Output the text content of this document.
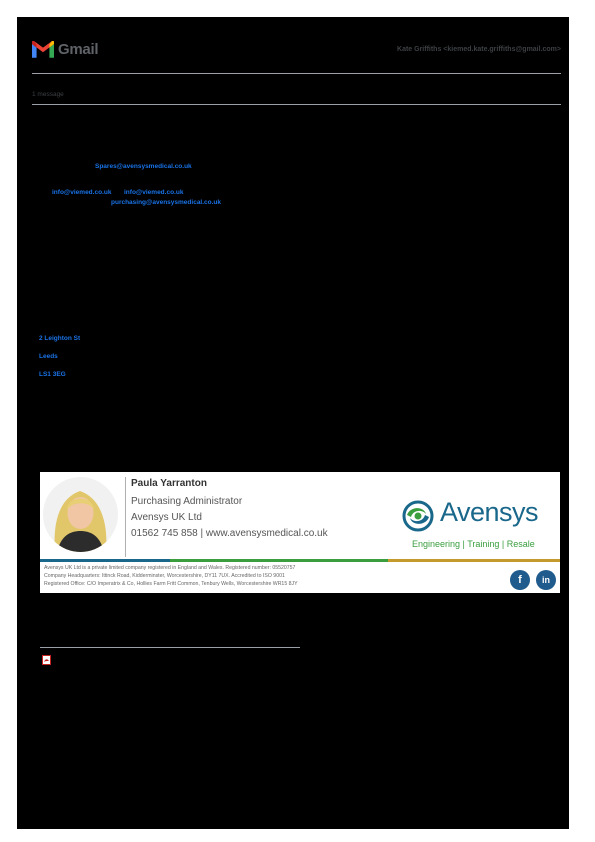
Gmail	Kate Griffiths <kiemed.kate.griffiths@gmail.com>
1 message
Spares@avensysmedical.co.uk
info@viemed.co.uk info@viemed.co.uk
purchasing@avensysmedical.co.uk
2 Leighton St
Leeds
LS1 3EG
Paula Yarranton
Purchasing Administrator
Avensys UK Ltd
01562 745 858 | www.avensysmedical.co.uk
Avensys
Engineering | Training | Resale
Avensys UK Ltd is a private limited company registered in England and Wales. Registered number: 05520757
Company Headquarters: Ittinck Road, Kidderminster, Worcestershire, DY11 7UX. Accredited to ISO 9001
Registered Office: C/O Imperatrix & Co, Hollies Farm Fritt Common, Tenbury Wells, Worcestershire WR15 8JY	f	in
